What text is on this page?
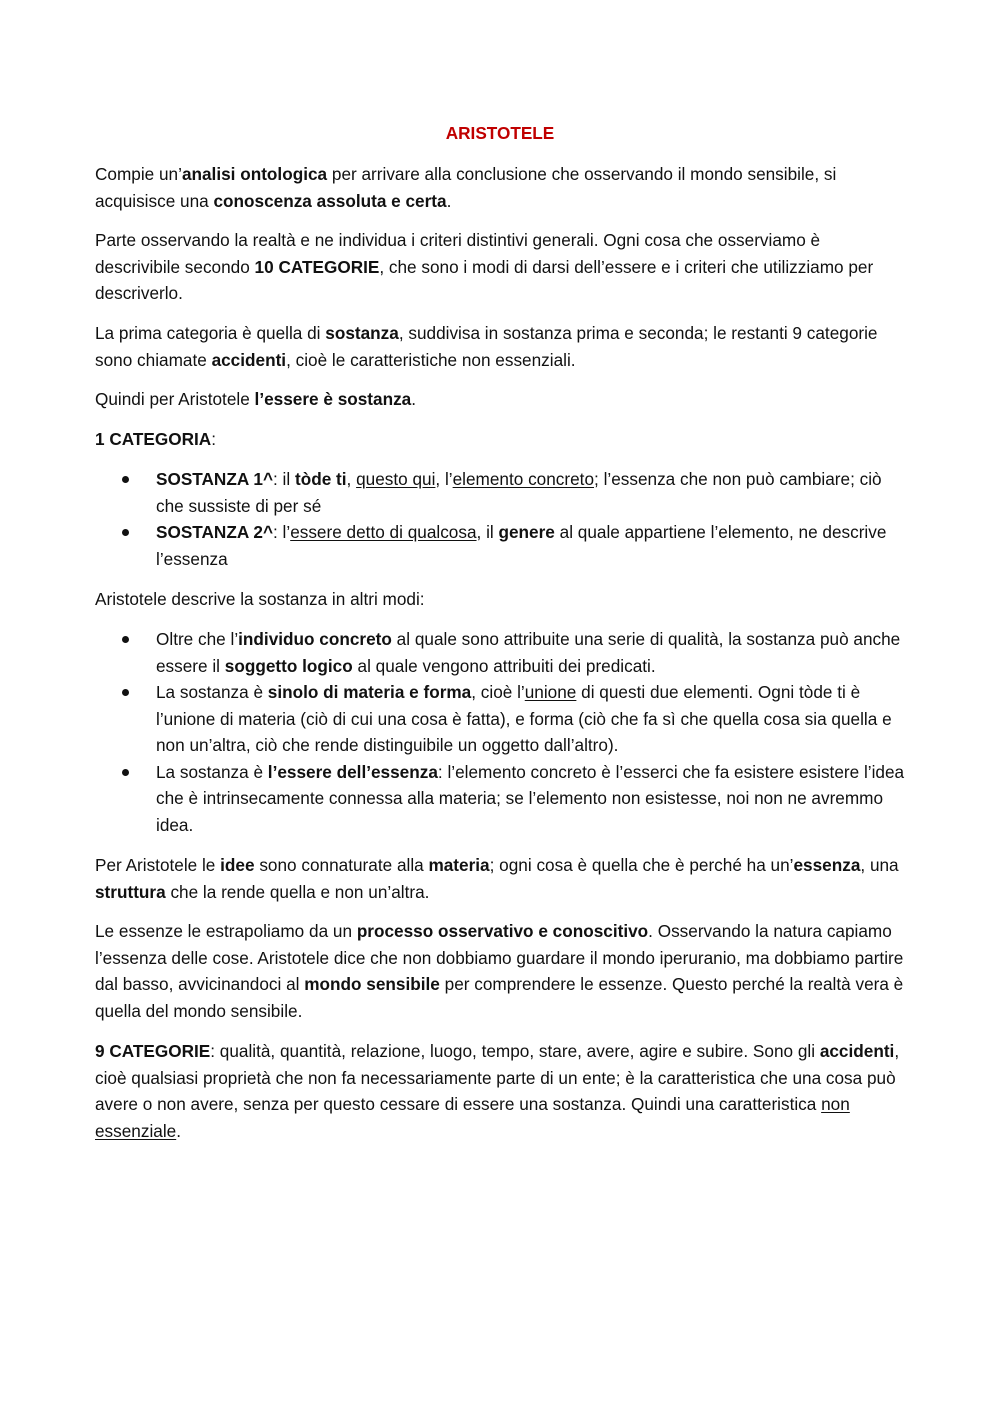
ARISTOTELE

Compie un’analisi ontologica per arrivare alla conclusione che osservando il mondo sensibile, si acquisisce una conoscenza assoluta e certa.

Parte osservando la realtà e ne individua i criteri distintivi generali. Ogni cosa che osserviamo è descrivibile secondo 10 CATEGORIE, che sono i modi di darsi dell’essere e i criteri che utilizziamo per descriverlo.

La prima categoria è quella di sostanza, suddivisa in sostanza prima e seconda; le restanti 9 categorie sono chiamate accidenti, cioè le caratteristiche non essenziali.

Quindi per Aristotele l’essere è sostanza.

1 CATEGORIA:

SOSTANZA 1^: il tòde ti, questo qui, l’elemento concreto; l’essenza che non può cambiare; ciò che sussiste di per sé
SOSTANZA 2^: l’essere detto di qualcosa, il genere al quale appartiene l’elemento, ne descrive l’essenza

Aristotele descrive la sostanza in altri modi:

Oltre che l’individuo concreto al quale sono attribuite una serie di qualità, la sostanza può anche essere il soggetto logico al quale vengono attribuiti dei predicati.
La sostanza è sinolo di materia e forma, cioè l’unione di questi due elementi. Ogni tòde ti è l’unione di materia (ciò di cui una cosa è fatta), e forma (ciò che fa sì che quella cosa sia quella e non un’altra, ciò che rende distinguibile un oggetto dall’altro).
La sostanza è l’essere dell’essenza: l’elemento concreto è l’esserci che fa esistere esistere l’idea che è intrinsecamente connessa alla materia; se l’elemento non esistesse, noi non ne avremmo idea.

Per Aristotele le idee sono connaturate alla materia; ogni cosa è quella che è perché ha un’essenza, una struttura che la rende quella e non un’altra.

Le essenze le estrapoliamo da un processo osservativo e conoscitivo. Osservando la natura capiamo l’essenza delle cose. Aristotele dice che non dobbiamo guardare il mondo iperuranio, ma dobbiamo partire dal basso, avvicinandoci al mondo sensibile per comprendere le essenze. Questo perché la realtà vera è quella del mondo sensibile.

9 CATEGORIE: qualità, quantità, relazione, luogo, tempo, stare, avere, agire e subire. Sono gli accidenti, cioè qualsiasi proprietà che non fa necessariamente parte di un ente; è la caratteristica che una cosa può avere o non avere, senza per questo cessare di essere una sostanza. Quindi una caratteristica non essenziale.
